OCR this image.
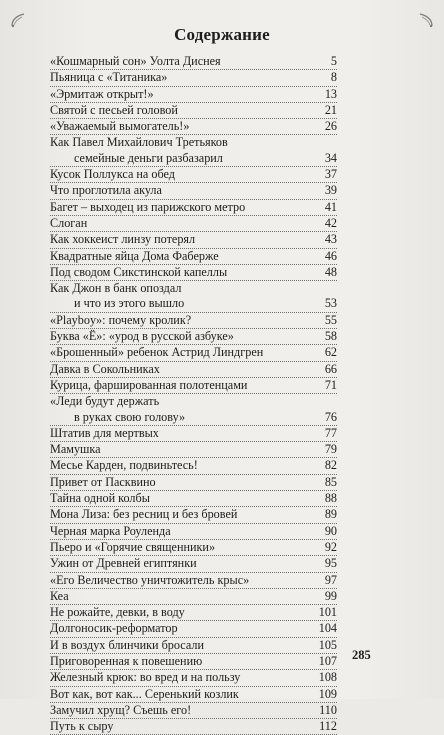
Содержание
«Кошмарный сон» Уолта Диснея	5
Пьяница с «Титаника»	8
«Эрмитаж открыт!»	13
Святой с песьей головой	21
«Уважаемый вымогатель!»	26
Как Павел Михайлович Третьяков
семейные деньги разбазарил	34
Кусок Поллукса на обед	37
Что проглотила акула	39
Багет – выходец из парижского метро	41
Слоган	42
Как хоккеист линзу потерял	43
Квадратные яйца Дома Фаберже	46
Под сводом Сикстинской капеллы	48
Как Джон в банк опоздал
и что из этого вышло	53
«Playboy»: почему кролик?	55
Буква «Ё»: «урод в русской азбуке»	58
«Брошенный» ребенок Астрид Линдгрен	62
Давка в Сокольниках	66
Курица, фаршированная полотенцами	71
«Леди будут держать
в руках свою голову»	76
Штатив для мертвых	77
Мамушка	79
Месье Карден, подвиньтесь!	82
Привет от Пасквино	85
Тайна одной колбы	88
Мона Лиза: без ресниц и без бровей	89
Черная марка Роуленда	90
Пьеро и «Горячие священники»	92
Ужин от Древней египтянки	95
«Его Величество уничтожитель крыс»	97
Кеа	99
Не рожайте, девки, в воду	101
Долгоносик-реформатор	104
И в воздух блинчики бросали	105
Приговоренная к повешению	107
Железный крюк: во вред и на пользу	108
Вот как, вот как... Серенький козлик	109
Замучил хрущ? Съешь его!	110
Путь к сыру	112
285
